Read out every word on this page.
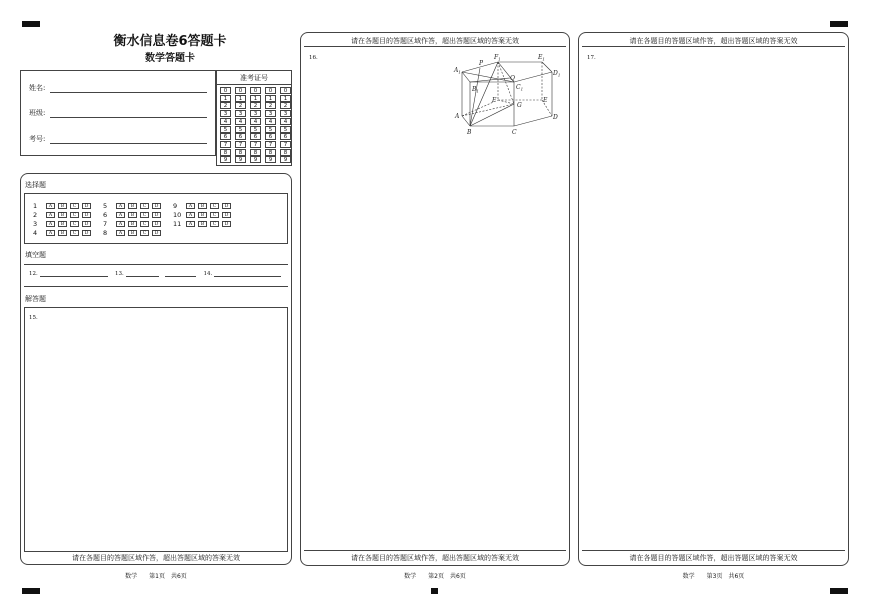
衡水信息卷6答题卡
数学答题卡
姓名:
班级:
考号:
准考证号
0	0	0	0	0
1	1	1	1	1
2	2	2	2	2
3	3	3	3	3
4	4	4	4	4
5	5	5	5	5
6	6	6	6	6
7	7	7	7	7
8	8	8	8	8
9	9	9	9	9
选择题
1	A	B	C	D
2	A	B	C	D
3	A	B	C	D
4	A	B	C	D
5	A	B	C	D
6	A	B	C	D
7	A	B	C	D
8	A	B	C	D
9	A	B	C	D
10	A	B	C	D
11	A	B	C	D
填空题
12.	13.	14.
解答题
15.
请在各题目的答题区域作答，超出答题区域的答案无效
数学　　第1页　共6页
请在各题目的答题区域作答，超出答题区域的答案无效
16.
$A_1$
P
$F_1$	$E_1$
$D_1$
Q
$B_1$	$C_1$
F	E
G
A	D
B	C
请在各题目的答题区域作答，超出答题区域的答案无效
数学　　第2页　共6页
请在各题目的答题区域作答，超出答题区域的答案无效
17.
请在各题目的答题区域作答，超出答题区域的答案无效
数学　　第3页　共6页
